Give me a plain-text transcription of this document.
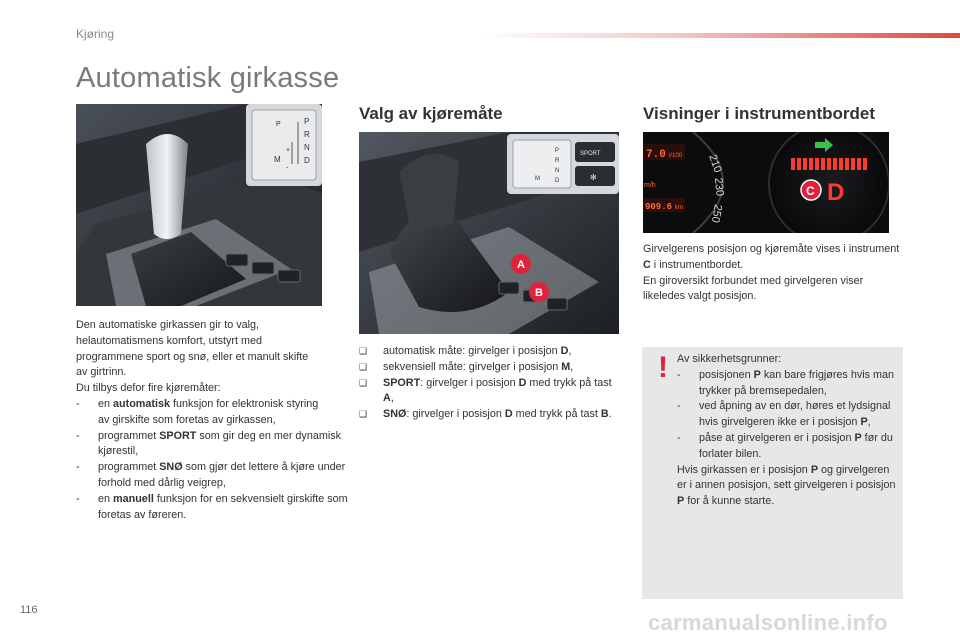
Kjøring
Automatisk girkasse
P	P
R
N
D
M
+
-

Den automatiske girkassen gir to valg,

helautomatismens komfort, utstyrt med

programmene sport og snø, eller et manult skifte

av girtrinn.

Du tilbys defor fire kjøremåter:

- en automatisk funksjon for elektronisk styring av girskifte som foretas av girkassen,

- programmet SPORT som gir deg en mer dynamisk kjørestil,

- programmet SNØ som gjør det lettere å kjøre under forhold med dårlig veigrep,

- en manuell funksjon for en sekvensielt girskifte som foretas av føreren.

Valg av kjøremåte
P
R
N
D
M
SPORT
✻
A
B
❑ automatisk måte: girvelger i posisjon D,
❑ sekvensiell måte: girvelger i posisjon M,
❑ SPORT: girvelger i posisjon D med trykk på tast A,
❑ SNØ: girvelger i posisjon D med trykk på tast B.
Visninger i instrumentbordet
7.0 l/100
m/h
909.6 km
210
230
250
C D

Girvelgerens posisjon og kjøremåte vises i instrument C i instrumentbordet.

En giroversikt forbundet med girvelgeren viser likeledes valgt posisjon.

! Av sikkerhetsgrunner:

- posisjonen P kan bare frigjøres hvis man trykker på bremsepedalen,

- ved åpning av en dør, høres et lydsignal hvis girvelgeren ikke er i posisjon P,

- påse at girvelgeren er i posisjon P før du forlater bilen.

Hvis girkassen er i posisjon P og girvelgeren er i annen posisjon, sett girvelgeren i posisjon P for å kunne starte.

116	carmanualsonline.info
